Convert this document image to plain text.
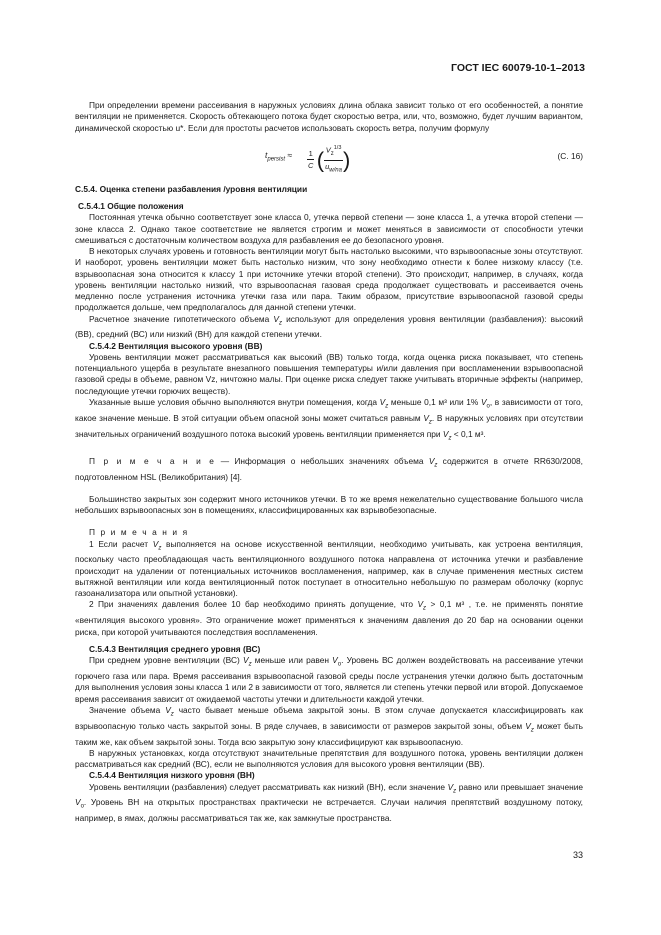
ГОСТ IEC 60079-10-1–2013

При определении времени рассеивания в наружных условиях длина облака зависит только от его особенностей, а понятие вентиляции не применяется. Скорость обтекающего потока будет скоростью ветра, или, что, возможно, будет лучшим вариантом, динамической скоростью u*. Если для простоты расчетов использовать скорость ветра, получим формулу

$t_{persist} \approx \frac{1}{C}$ ( $\frac{V_z^{1/3}}{u_{w/na}}$ )	(C. 16)

С.5.4. Оценка степени разбавления /уровня вентиляции

С.5.4.1 Общие положения

Постоянная утечка обычно соответствует зоне класса 0, утечка первой степени — зоне класса 1, а утечка второй степени — зоне класса 2. Однако такое соответствие не является строгим и может меняться в зависимости от способности утечки смешиваться с достаточным количеством воздуха для разбавления ее до безопасного уровня.

В некоторых случаях уровень и готовность вентиляции могут быть настолько высокими, что взрывоопасные зоны отсутствуют. И наоборот, уровень вентиляции может быть настолько низким, что зону необходимо отнести к более низкому классу (т.е. взрывоопасная зона относится к классу 1 при источнике утечки второй степени). Это происходит, например, в случаях, когда уровень вентиляции настолько низкий, что взрывоопасная газовая среда продолжает существовать и рассеивается очень медленно после устранения источника утечки газа или пара. Таким образом, присутствие взрывоопасной газовой среды продолжается дольше, чем предполагалось для данной степени утечки.

Расчетное значение гипотетического объема $V_z$ используют для определения уровня вентиляции (разбавления): высокий (ВВ), средний (ВС) или низкий (ВН) для каждой степени утечки.

С.5.4.2 Вентиляция высокого уровня (ВВ)

Уровень вентиляции может рассматриваться как высокий (ВВ) только тогда, когда оценка риска показывает, что степень потенциального ущерба в результате внезапного повышения температуры и/или давления при воспламенении взрывоопасной газовой среды в объеме, равном Vz, ничтожно малы. При оценке риска следует также учитывать вторичные эффекты (например, последующие утечки горючих веществ).

Указанные выше условия обычно выполняются внутри помещения, когда $V_z$ меньше 0,1 м³ или 1% $V_o$, в зависимости от того, какое значение меньше. В этой ситуации объем опасной зоны может считаться равным $V_z$. В наружных условиях при отсутствии значительных ограничений воздушного потока высокий уровень вентиляции применяется при $V_z < 0,1$ м³.

П р и м е ч а н и е — Информация о небольших значениях объема $V_z$ содержится в отчете RR630/2008, подготовленном HSL (Великобритания) [4].

Большинство закрытых зон содержит много источников утечки. В то же время нежелательно существование большого числа небольших взрывоопасных зон в помещениях, классифицированных как взрывобезопасные.

П р и м е ч а н и я

1 Если расчет $V_z$ выполняется на основе искусственной вентиляции, необходимо учитывать, как устроена вентиляция, поскольку часто преобладающая часть вентиляционного воздушного потока направлена от источника утечки и разбавление происходит на удалении от потенциальных источников воспламенения, например, как в случае применения местных систем вытяжной вентиляции или когда вентиляционный поток поступает в относительно небольшую по размерам оболочку (корпус газоанализатора или опытной установки).

2 При значениях давления более 10 бар необходимо принять допущение, что $V_z > 0,1$ м³ , т.е. не применять понятие «вентиляция высокого уровня». Это ограничение может применяться к значениям давления до 20 бар на основании оценки риска, при которой учитываются последствия воспламенения.

С.5.4.3 Вентиляция среднего уровня (ВС)

При среднем уровне вентиляции (ВС) $V_z$ меньше или равен $V_o$. Уровень ВС должен воздействовать на рассеивание утечки горючего газа или пара. Время рассеивания взрывоопасной газовой среды после устранения утечки должно быть достаточным для выполнения условия зоны класса 1 или 2 в зависимости от того, является ли степень утечки первой или второй. Допускаемое время рассеивания зависит от ожидаемой частоты утечки и длительности каждой утечки.

Значение объема $V_z$ часто бывает меньше объема закрытой зоны. В этом случае допускается классифицировать как взрывоопасную только часть закрытой зоны. В ряде случаев, в зависимости от размеров закрытой зоны, объем $V_z$ может быть таким же, как объем закрытой зоны. Тогда всю закрытую зону классифицируют как взрывоопасную.

В наружных установках, когда отсутствуют значительные препятствия для воздушного потока, уровень вентиляции должен рассматриваться как средний (ВС), если не выполняются условия для высокого уровня вентиляции (ВВ).

С.5.4.4 Вентиляция низкого уровня (ВН)

Уровень вентиляции (разбавления) следует рассматривать как низкий (ВН), если значение $V_z$ равно или превышает значение $V_o$. Уровень ВН на открытых пространствах практически не встречается. Случаи наличия препятствий воздушному потоку, например, в ямах, должны рассматриваться так же, как замкнутые пространства.

33
